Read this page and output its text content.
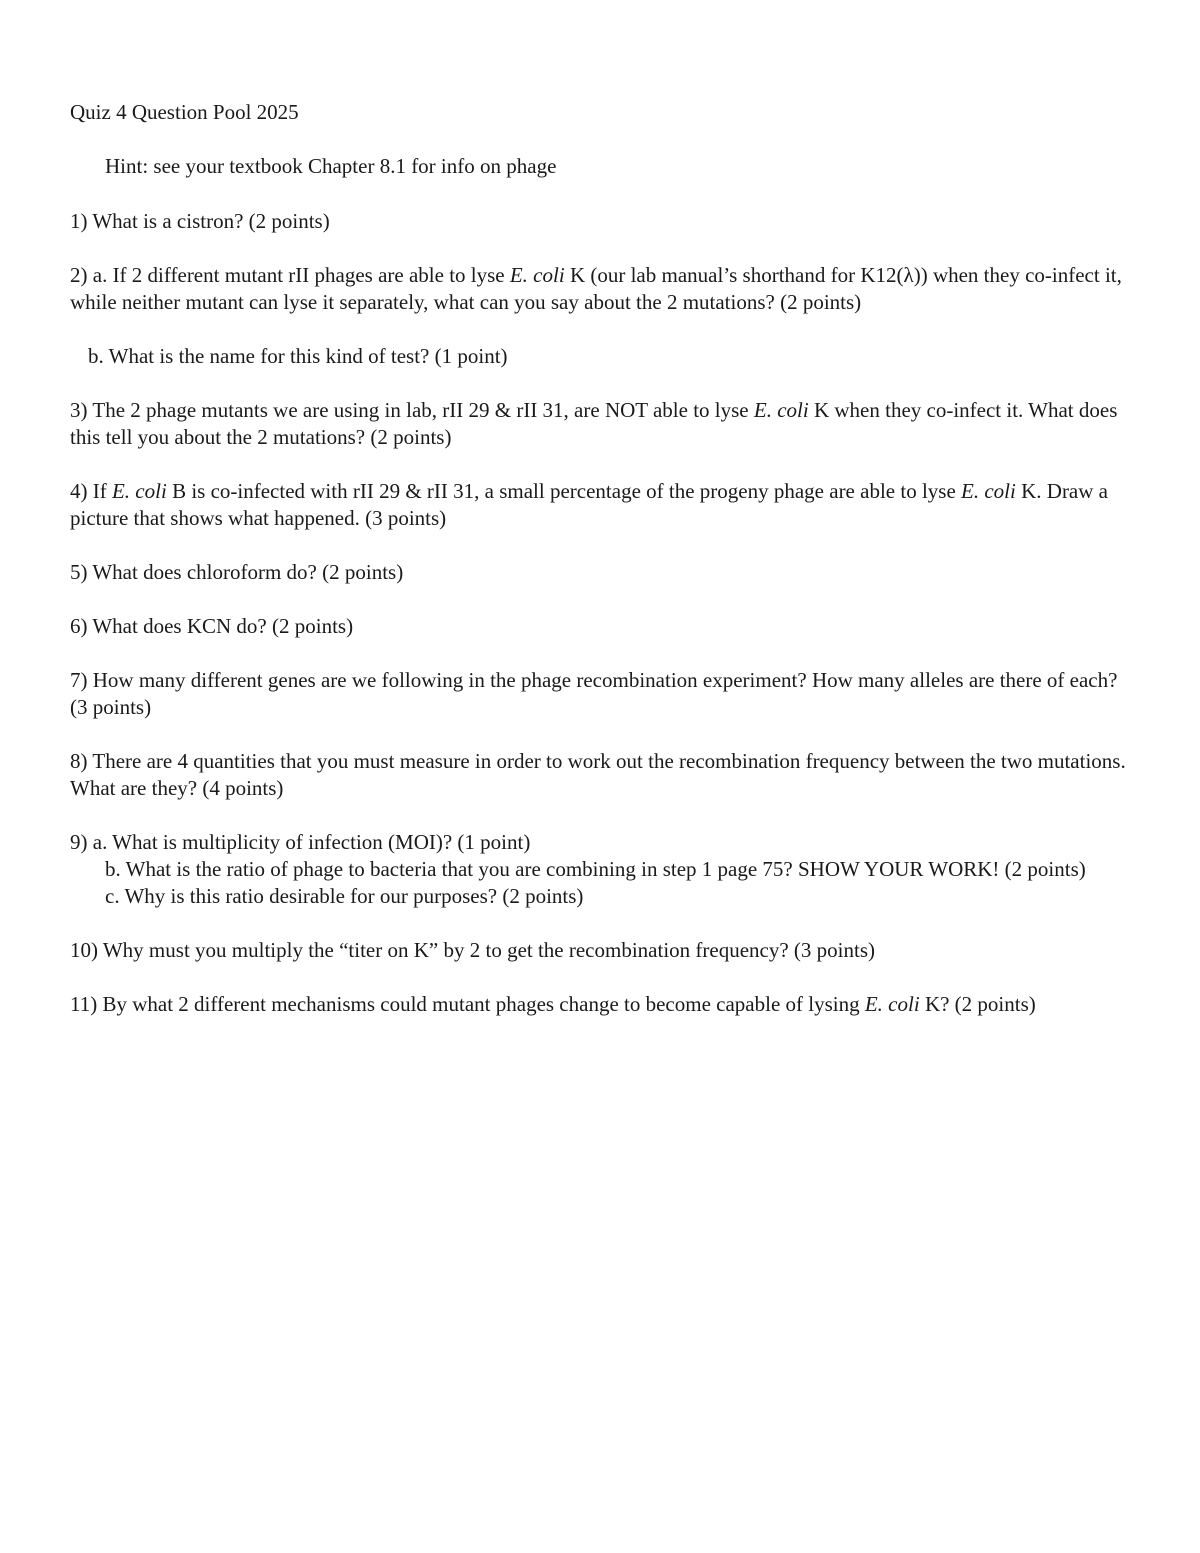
Quiz 4 Question Pool 2025

Hint: see your textbook Chapter 8.1 for info on phage

1) What is a cistron? (2 points)

2) a. If 2 different mutant rII phages are able to lyse E. coli K (our lab manual’s shorthand for K12(λ)) when they co-infect it, while neither mutant can lyse it separately, what can you say about the 2 mutations? (2 points)

b. What is the name for this kind of test? (1 point)

3) The 2 phage mutants we are using in lab, rII 29 & rII 31, are NOT able to lyse E. coli K when they co-infect it. What does this tell you about the 2 mutations? (2 points)

4) If E. coli B is co-infected with rII 29 & rII 31, a small percentage of the progeny phage are able to lyse E. coli K. Draw a picture that shows what happened. (3 points)

5) What does chloroform do? (2 points)

6) What does KCN do? (2 points)

7) How many different genes are we following in the phage recombination experiment? How many alleles are there of each? (3 points)

8) There are 4 quantities that you must measure in order to work out the recombination frequency between the two mutations. What are they? (4 points)

9) a. What is multiplicity of infection (MOI)? (1 point)

b. What is the ratio of phage to bacteria that you are combining in step 1 page 75? SHOW YOUR WORK! (2 points)

c. Why is this ratio desirable for our purposes? (2 points)

10) Why must you multiply the “titer on K” by 2 to get the recombination frequency? (3 points)

11) By what 2 different mechanisms could mutant phages change to become capable of lysing E. coli K? (2 points)
